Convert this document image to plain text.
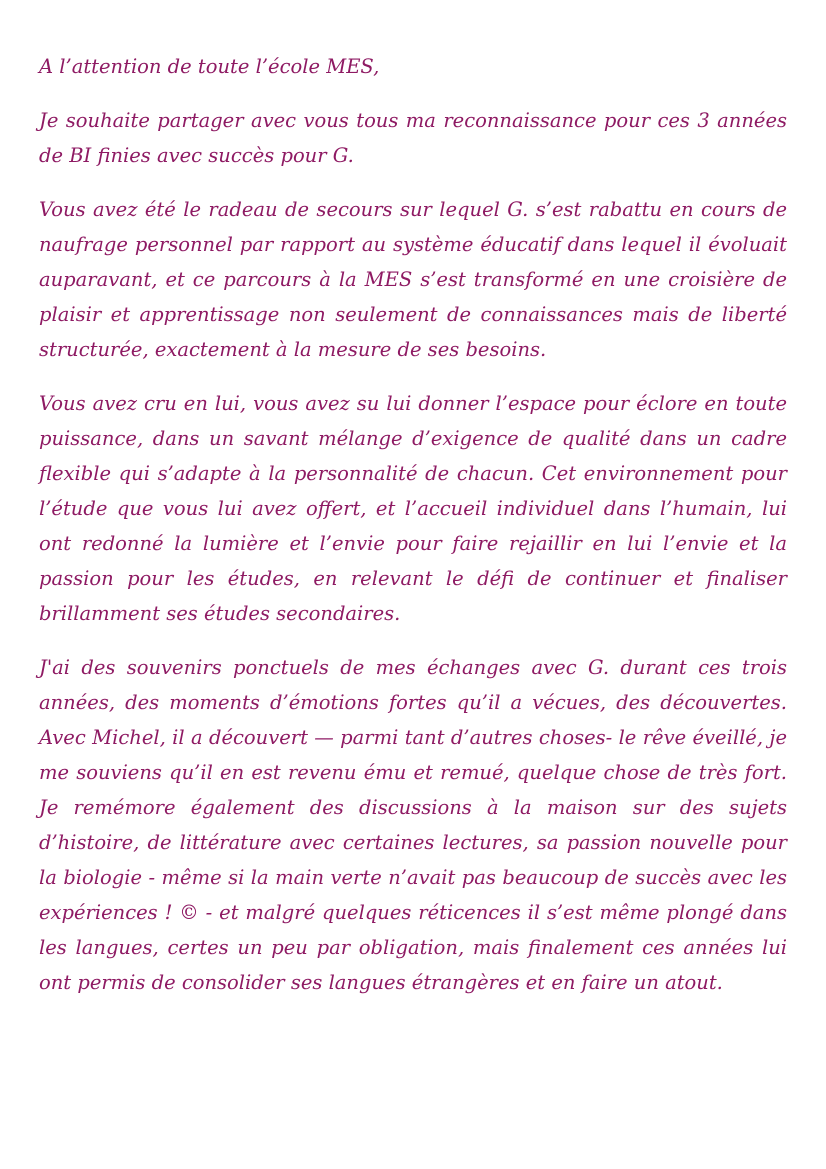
A l’attention de toute l’école MES,

Je souhaite partager avec vous tous ma reconnaissance pour ces 3 années de BI finies avec succès pour G.

Vous avez été le radeau de secours sur lequel G. s’est rabattu en cours de naufrage personnel par rapport au système éducatif dans lequel il évoluait auparavant, et ce parcours à la MES s’est transformé en une croisière de plaisir et apprentissage non seulement de connaissances mais de liberté structurée, exactement à la mesure de ses besoins.

Vous avez cru en lui, vous avez su lui donner l’espace pour éclore en toute puissance, dans un savant mélange d’exigence de qualité dans un cadre flexible qui s’adapte à la personnalité de chacun. Cet environnement pour l’étude que vous lui avez offert, et l’accueil individuel dans l’humain, lui ont redonné la lumière et l’envie pour faire rejaillir en lui l’envie et la passion pour les études, en relevant le défi de continuer et finaliser brillamment ses études secondaires.

J'ai des souvenirs ponctuels de mes échanges avec G. durant ces trois années, des moments d’émotions fortes qu’il a vécues, des découvertes. Avec Michel, il a découvert — parmi tant d’autres choses- le rêve éveillé, je me souviens qu’il en est revenu ému et remué, quelque chose de très fort. Je remémore également des discussions à la maison sur des sujets d’histoire, de littérature avec certaines lectures, sa passion nouvelle pour la biologie - même si la main verte n’avait pas beaucoup de succès avec les expériences ! © - et malgré quelques réticences il s’est même plongé dans les langues, certes un peu par obligation, mais finalement ces années lui ont permis de consolider ses langues étrangères et en faire un atout.
